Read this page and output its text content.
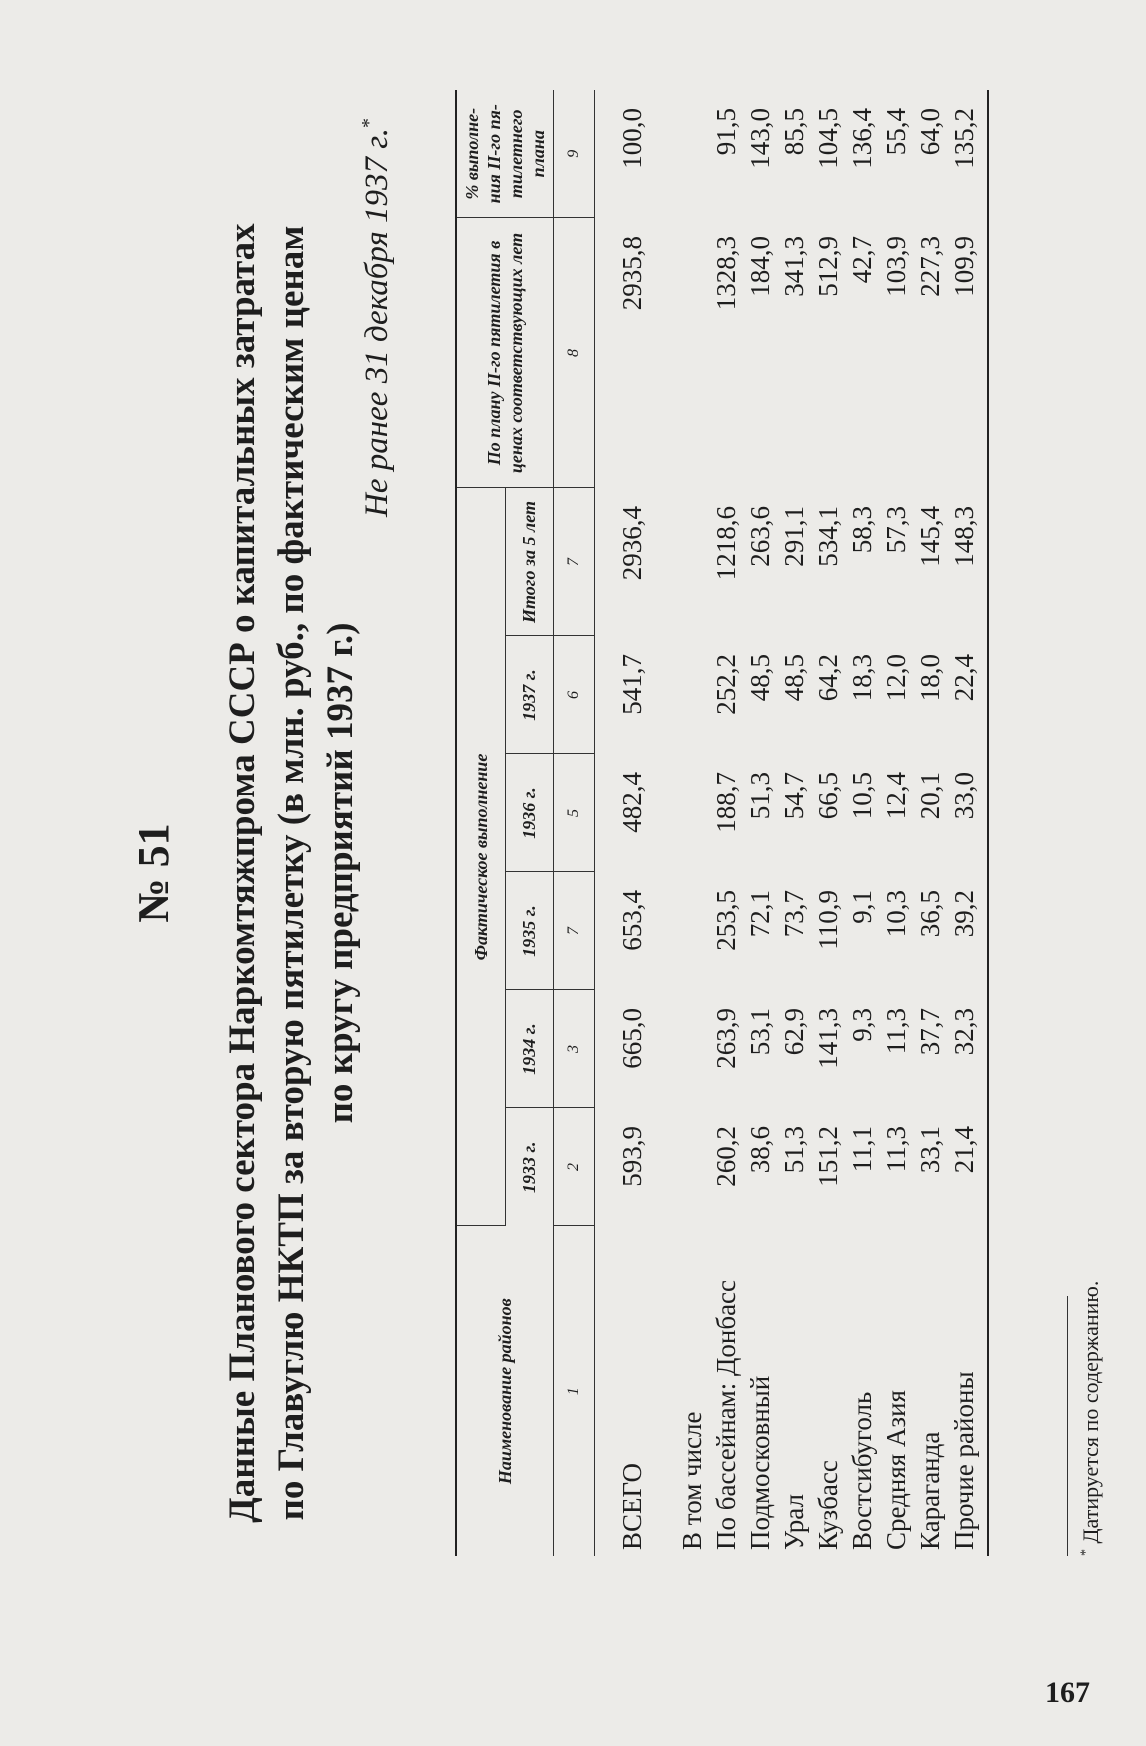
№ 51 Данные Планового сектора Наркомтяжпрома СССР о капитальных затратах по Главуглю НКТП за вторую пятилетку (в млн. руб., по фактическим ценам по кругу предприятий 1937 г.)
Не ранее 31 декабря 1937 г.*
Наименование районов	Фактическое выполнение						По плану II-го пятилетия в ценах соответствующих лет	% выполне- ния II-го пя- тилетнего плана
	1933 г.	1934 г.	1935 г.	1936 г.	1937 г.	Итого за 5 лет		
1	2	3	7	5	6	7	8	9

ВСЕГО	593,9	665,0	653,4	482,4	541,7	2936,4	2935,8	100,0

В том числе								
По бассейнам: Донбасс	260,2	263,9	253,5	188,7	252,2	1218,6	1328,3	91,5
Подмосковный	38,6	53,1	72,1	51,3	48,5	263,6	184,0	143,0
Урал	51,3	62,9	73,7	54,7	48,5	291,1	341,3	85,5
Кузбасс	151,2	141,3	110,9	66,5	64,2	534,1	512,9	104,5
Востсибуголь	11,1	9,3	9,1	10,5	18,3	58,3	42,7	136,4
Средняя Азия	11,3	11,3	10,3	12,4	12,0	57,3	103,9	55,4
Караганда	33,1	37,7	36,5	20,1	18,0	145,4	227,3	64,0
Прочие районы	21,4	32,3	39,2	33,0	22,4	148,3	109,9	135,2
* Датируется по содержанию.
167
